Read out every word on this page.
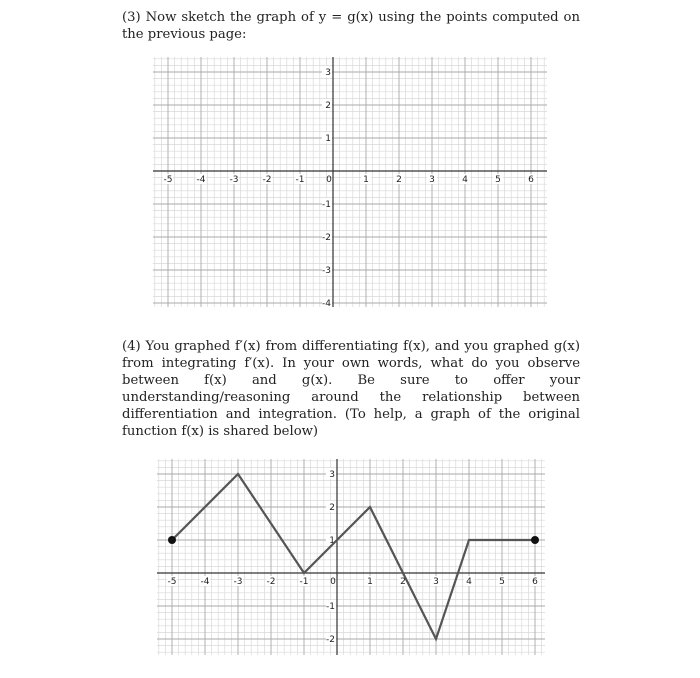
(3) Now sketch the graph of y = g(x) using the points computed on the previous page:

-5	-4	-3	-2	-1 0	1	2	3	4	5	6
3
2
1
-1
-2
-3
-4

(4) You graphed f′(x) from differentiating f(x), and you graphed g(x) from integrating f′(x). In your own words, what do you observe between f(x) and g(x). Be sure to offer your understanding/reasoning around the relationship between differentiation and integration. (To help, a graph of the original function f(x) is shared below)

-5	-4	-3	-2	-1 0	1	2	3	4	5	6
3
2
1
-1
-2
